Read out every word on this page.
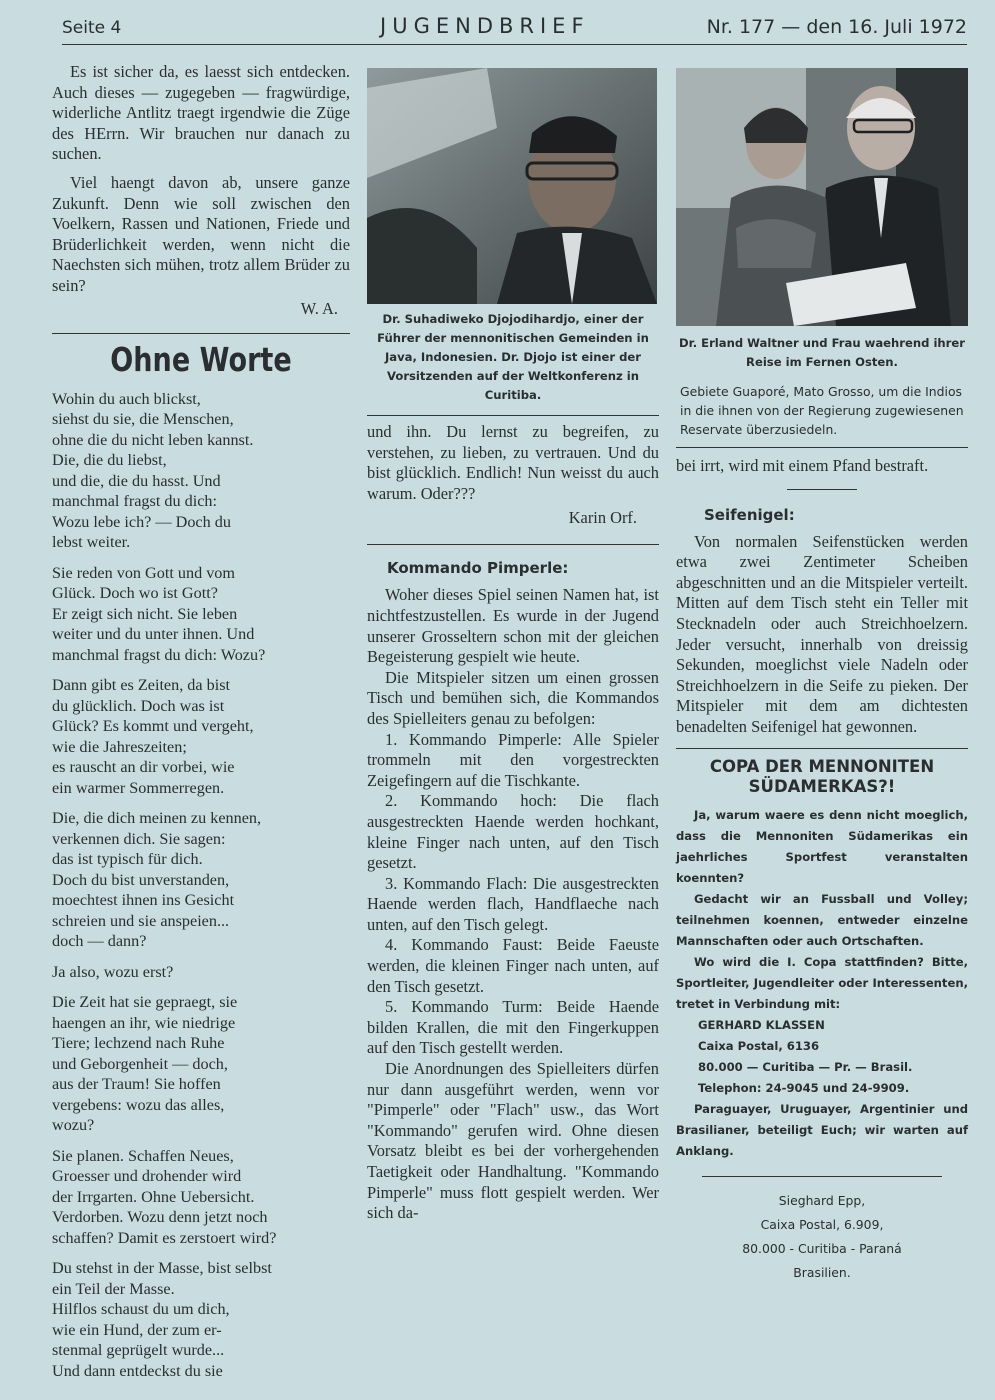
Seite 4	JUGENDBRIEF	Nr. 177 — den 16. Juli 1972

Es ist sicher da, es laesst sich entdecken. Auch dieses — zugegeben — fragwürdige, widerliche Antlitz traegt irgendwie die Züge des HErrn. Wir brauchen nur danach zu suchen.

Viel haengt davon ab, unsere ganze Zukunft. Denn wie soll zwischen den Voelkern, Rassen und Nationen, Friede und Brüderlichkeit werden, wenn nicht die Naechsten sich mühen, trotz allem Brüder zu sein?

W. A.
Ohne Worte
Wohin du auch blickst,
siehst du sie, die Menschen,
ohne die du nicht leben kannst.
Die, die du liebst,
und die, die du hasst. Und
manchmal fragst du dich:
Wozu lebe ich? — Doch du
lebst weiter.
Sie reden von Gott und vom
Glück. Doch wo ist Gott?
Er zeigt sich nicht. Sie leben
weiter und du unter ihnen. Und
manchmal fragst du dich: Wozu?
Dann gibt es Zeiten, da bist
du glücklich. Doch was ist
Glück? Es kommt und vergeht,
wie die Jahreszeiten;
es rauscht an dir vorbei, wie
ein warmer Sommerregen.
Die, die dich meinen zu kennen,
verkennen dich. Sie sagen:
das ist typisch für dich.
Doch du bist unverstanden,
moechtest ihnen ins Gesicht
schreien und sie anspeien...
doch — dann?
Ja also, wozu erst?
Die Zeit hat sie gepraegt, sie
haengen an ihr, wie niedrige
Tiere; lechzend nach Ruhe
und Geborgenheit — doch,
aus der Traum! Sie hoffen
vergebens: wozu das alles,
wozu?
Sie planen. Schaffen Neues,
Groesser und drohender wird
der Irrgarten. Ohne Uebersicht.
Verdorben. Wozu denn jetzt noch
schaffen? Damit es zerstoert wird?
Du stehst in der Masse, bist selbst
ein Teil der Masse.
Hilflos schaust du um dich,
wie ein Hund, der zum er-
stenmal geprügelt wurde...
Und dann entdeckst du sie
Dr. Suhadiweko Djojodihardjo, einer der Führer der mennonitischen Gemeinden in Java, Indonesien. Dr. Djojo ist einer der Vorsitzenden auf der Weltkonferenz in Curitiba.

und ihn. Du lernst zu begreifen, zu verstehen, zu lieben, zu vertrauen. Und du bist glücklich. Endlich! Nun weisst du auch warum. Oder???

Karin Orf.
Kommando Pimperle:

Woher dieses Spiel seinen Namen hat, ist nichtfestzustellen. Es wurde in der Jugend unserer Grosseltern schon mit der gleichen Begeisterung gespielt wie heute.

Die Mitspieler sitzen um einen grossen Tisch und bemühen sich, die Kommandos des Spielleiters genau zu befolgen:

1. Kommando Pimperle: Alle Spieler trommeln mit den vorgestreckten Zeigefingern auf die Tischkante.

2. Kommando hoch: Die flach ausgestreckten Haende werden hochkant, kleine Finger nach unten, auf den Tisch gesetzt.

3. Kommando Flach: Die ausgestreckten Haende werden flach, Handflaeche nach unten, auf den Tisch gelegt.

4. Kommando Faust: Beide Faeuste werden, die kleinen Finger nach unten, auf den Tisch gesetzt.

5. Kommando Turm: Beide Haende bilden Krallen, die mit den Fingerkuppen auf den Tisch gestellt werden.

Die Anordnungen des Spielleiters dürfen nur dann ausgeführt werden, wenn vor "Pimperle" oder "Flach" usw., das Wort "Kommando" gerufen wird. Ohne diesen Vorsatz bleibt es bei der vorhergehenden Taetigkeit oder Handhaltung. "Kommando Pimperle" muss flott gespielt werden. Wer sich da-

Dr. Erland Waltner und Frau waehrend ihrer Reise im Fernen Osten.
Gebiete Guaporé, Mato Grosso, um die Indios in die ihnen von der Regierung zugewiesenen Reservate überzusiedeln.

bei irrt, wird mit einem Pfand bestraft.

Seifenigel:

Von normalen Seifenstücken werden etwa zwei Zentimeter Scheiben abgeschnitten und an die Mitspieler verteilt. Mitten auf dem Tisch steht ein Teller mit Stecknadeln oder auch Streichhoelzern. Jeder versucht, innerhalb von dreissig Sekunden, moeglichst viele Nadeln oder Streichhoelzern in die Seife zu pieken. Der Mitspieler mit dem am dichtesten benadelten Seifenigel hat gewonnen.

COPA DER MENNONITEN
SÜDAMERKAS?!
Ja, warum waere es denn nicht moeglich, dass die Mennoniten Südamerikas ein jaehrliches Sportfest veranstalten koennten?
Gedacht wir an Fussball und Volley; teilnehmen koennen, entweder einzelne Mannschaften oder auch Ortschaften.
Wo wird die I. Copa stattfinden? Bitte, Sportleiter, Jugendleiter oder Interessenten, tretet in Verbindung mit:
GERHARD KLASSEN
Caixa Postal, 6136
80.000 — Curitiba — Pr. — Brasil.
Telephon: 24-9045 und 24-9909.
Paraguayer, Uruguayer, Argentinier und Brasilianer, beteiligt Euch; wir warten auf Anklang.
Sieghard Epp,
Caixa Postal, 6.909,
80.000 - Curitiba - Paraná
Brasilien.
